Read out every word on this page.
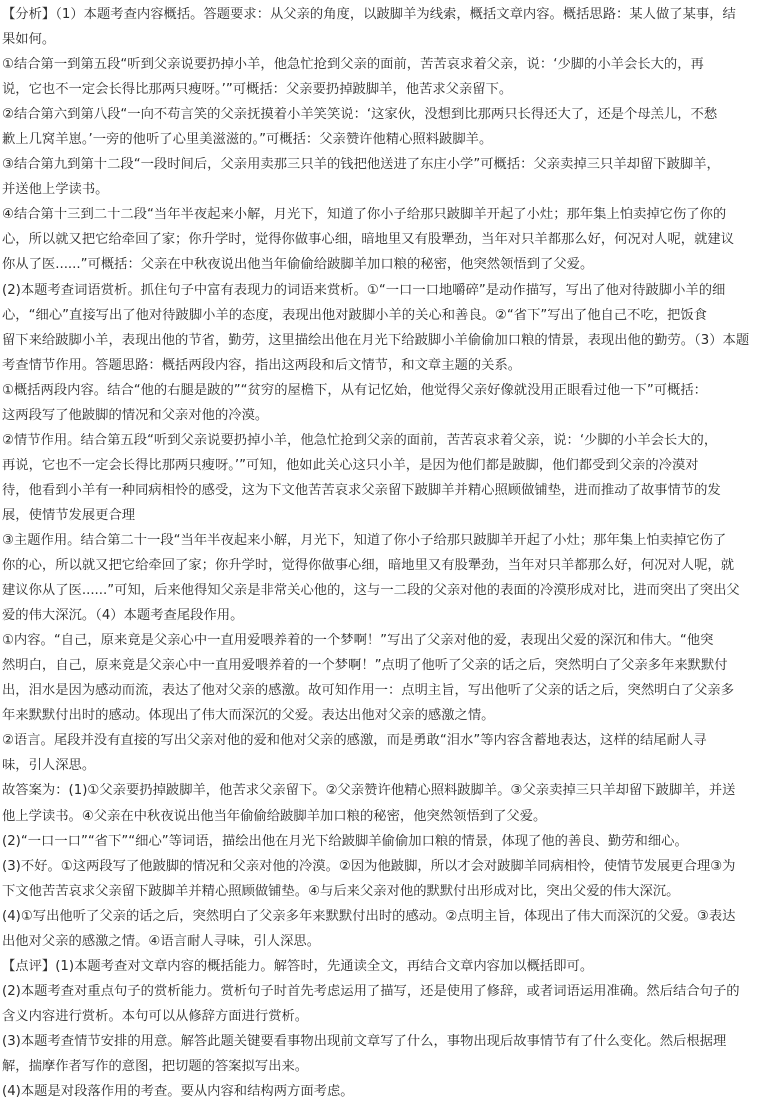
【分析】（1）本题考查内容概括。答题要求：从父亲的角度，以跛脚羊为线索，概括文章内容。概括思路：某人做了某事，结
果如何。
①结合第一到第五段“听到父亲说要扔掉小羊，他急忙抢到父亲的面前，苦苦哀求着父亲，说：‘少脚的小羊会长大的，再
说，它也不一定会长得比那两只瘦呀。’”可概括：父亲要扔掉跛脚羊，他苦求父亲留下。
②结合第六到第八段“一向不苟言笑的父亲抚摸着小羊笑笑说：‘这家伙，没想到比那两只长得还大了，还是个母羔儿，不愁
歉上几窝羊崽。’一旁的他听了心里美滋滋的。”可概括：父亲赞许他精心照料跛脚羊。
③结合第九到第十二段“一段时间后，父亲用卖那三只羊的钱把他送进了东庄小学”可概括：父亲卖掉三只羊却留下跛脚羊，
并送他上学读书。
④结合第十三到二十二段“当年半夜起来小解，月光下，知道了你小子给那只跛脚羊开起了小灶；那年集上怕卖掉它伤了你的
心，所以就又把它给牵回了家；你升学时，觉得你做事心细，暗地里又有股犟劲，当年对只羊都那么好，何况对人呢，就建议
你从了医......”可概括：父亲在中秋夜说出他当年偷偷给跛脚羊加口粮的秘密，他突然领悟到了父爱。
(2)本题考查词语赏析。抓住句子中富有表现力的词语来赏析。①“一口一口地嚼碎”是动作描写，写出了他对待跛脚小羊的细
心，“细心”直接写出了他对待跛脚小羊的态度，表现出他对跛脚小羊的关心和善良。②“省下”写出了他自己不吃，把饭食
留下来给跛脚小羊，表现出他的节省，勤劳，这里描绘出他在月光下给跛脚小羊偷偷加口粮的情景，表现出他的勤劳。（3）本题
考查情节作用。答题思路：概括两段内容，指出这两段和后文情节，和文章主题的关系。
①概括两段内容。结合“他的右腿是跛的”“贫穷的屋檐下，从有记忆始，他觉得父亲好像就没用正眼看过他一下”可概括：
这两段写了他跛脚的情况和父亲对他的冷漠。
②情节作用。结合第五段“听到父亲说要扔掉小羊，他急忙抢到父亲的面前，苦苦哀求着父亲，说：‘少脚的小羊会长大的，
再说，它也不一定会长得比那两只瘦呀。’”可知，他如此关心这只小羊，是因为他们都是跛脚，他们都受到父亲的冷漠对
待，他看到小羊有一种同病相怜的感受，这为下文他苦苦哀求父亲留下跛脚羊并精心照顾做铺垫，进而推动了故事情节的发
展，使情节发展更合理
③主题作用。结合第二十一段“当年半夜起来小解，月光下，知道了你小子给那只跛脚羊开起了小灶；那年集上怕卖掉它伤了
你的心，所以就又把它给牵回了家；你升学时，觉得你做事心细，暗地里又有股犟劲，当年对只羊都那么好，何况对人呢，就
建议你从了医......”可知，后来他得知父亲是非常关心他的，这与一二段的父亲对他的表面的冷漠形成对比，进而突出了突出父
爱的伟大深沉。（4）本题考查尾段作用。
①内容。“自己，原来竟是父亲心中一直用爱喂养着的一个梦啊！”写出了父亲对他的爱，表现出父爱的深沉和伟大。“他突
然明白，自己，原来竟是父亲心中一直用爱喂养着的一个梦啊！”点明了他听了父亲的话之后，突然明白了父亲多年来默默付
出，泪水是因为感动而流，表达了他对父亲的感激。故可知作用一：点明主旨，写出他听了父亲的话之后，突然明白了父亲多
年来默默付出时的感动。体现出了伟大而深沉的父爱。表达出他对父亲的感激之情。
②语言。尾段并没有直接的写出父亲对他的爱和他对父亲的感激，而是勇敢“泪水”等内容含蓄地表达，这样的结尾耐人寻
味，引人深思。
故答案为：(1)①父亲要扔掉跛脚羊，他苦求父亲留下。②父亲赞许他精心照料跛脚羊。③父亲卖掉三只羊却留下跛脚羊，并送
他上学读书。④父亲在中秋夜说出他当年偷偷给跛脚羊加口粮的秘密，他突然领悟到了父爱。
(2)“一口一口”“省下”“细心”等词语，描绘出他在月光下给跛脚羊偷偷加口粮的情景，体现了他的善良、勤劳和细心。
(3)不好。①这两段写了他跛脚的情况和父亲对他的冷漠。②因为他跛脚，所以才会对跛脚羊同病相怜，使情节发展更合理③为
下文他苦苦哀求父亲留下跛脚羊并精心照顾做铺垫。④与后来父亲对他的默默付出形成对比，突出父爱的伟大深沉。
(4)①写出他听了父亲的话之后，突然明白了父亲多年来默默付出时的感动。②点明主旨，体现出了伟大而深沉的父爱。③表达
出他对父亲的感激之情。④语言耐人寻味，引人深思。
【点评】(1)本题考查对文章内容的概括能力。解答时，先通读全文，再结合文章内容加以概括即可。
(2)本题考查对重点句子的赏析能力。赏析句子时首先考虑运用了描写，还是使用了修辞，或者词语运用准确。然后结合句子的
含义内容进行赏析。本句可以从修辞方面进行赏析。
(3)本题考查情节安排的用意。解答此题关键要看事物出现前文章写了什么，事物出现后故事情节有了什么变化。然后根据理
解，揣摩作者写作的意图，把切题的答案拟写出来。
(4)本题是对段落作用的考查。要从内容和结构两方面考虑。
